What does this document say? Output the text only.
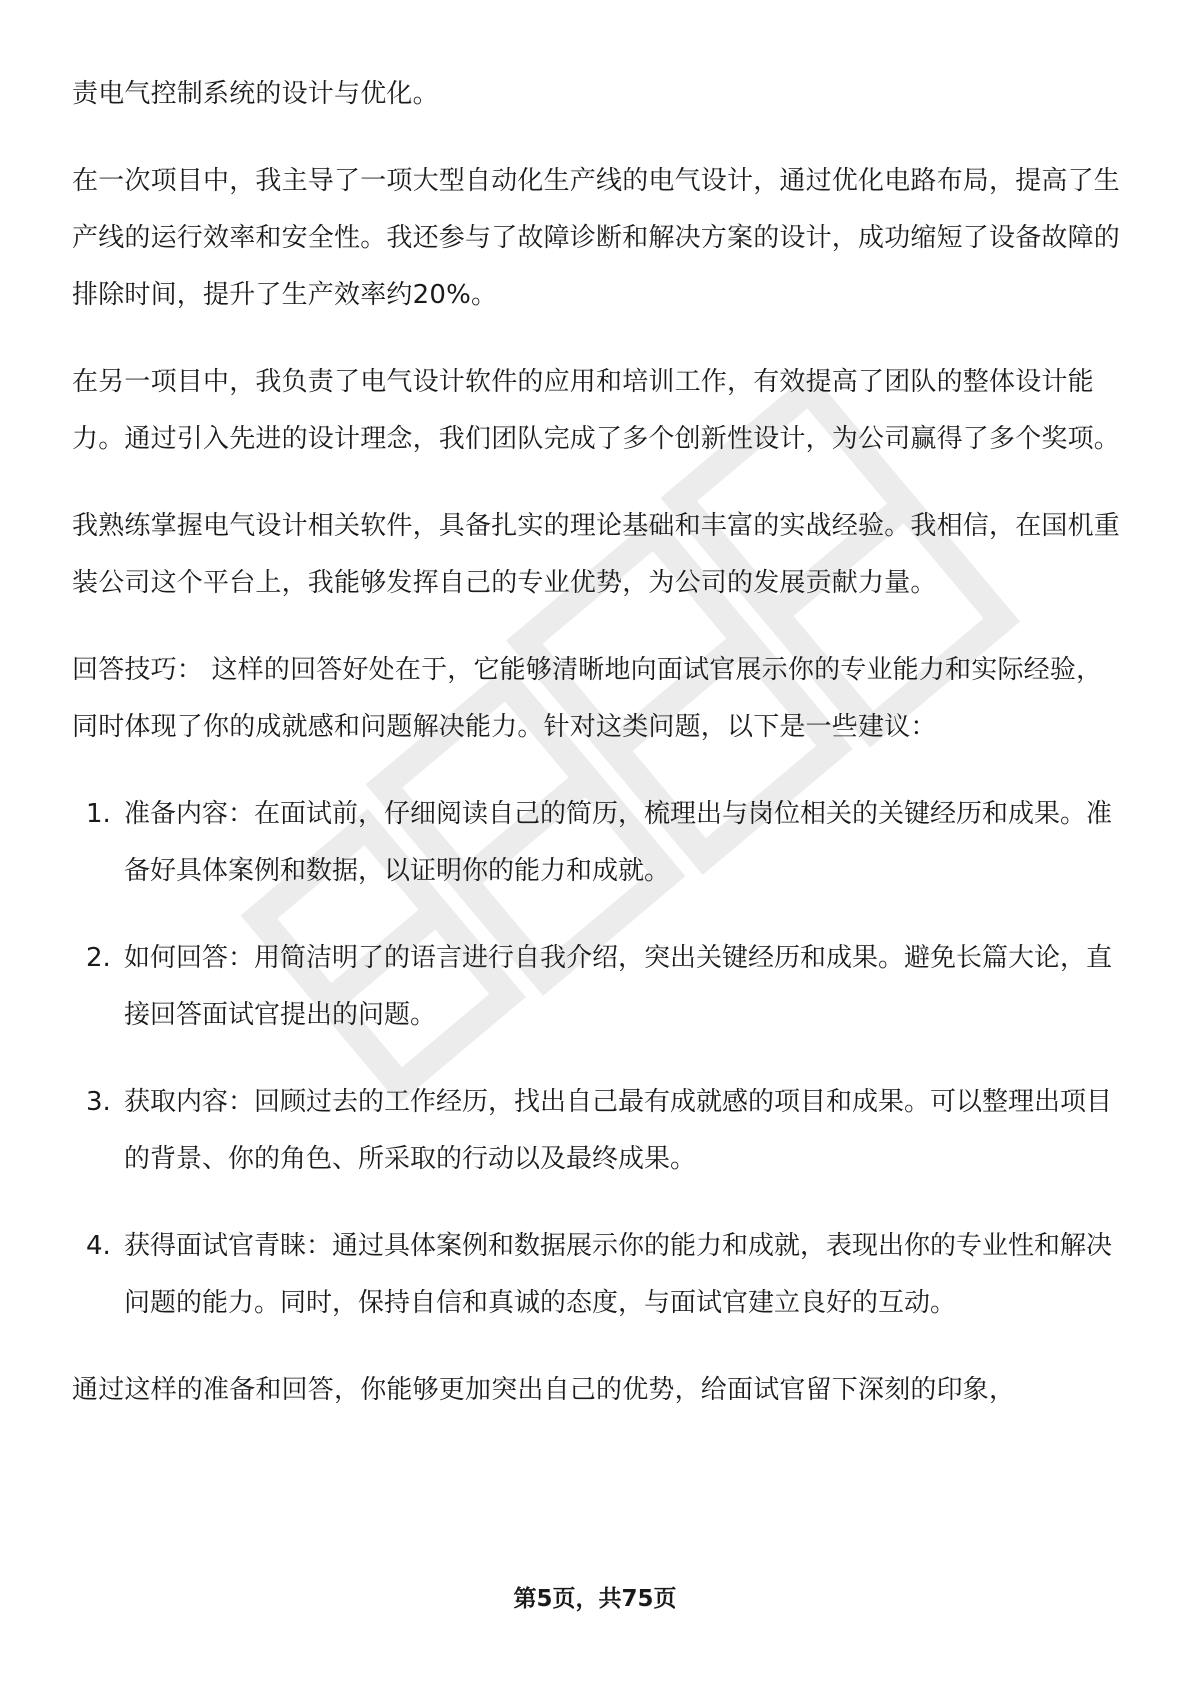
责电气控制系统的设计与优化。

在一次项目中，我主导了一项大型自动化生产线的电气设计，通过优化电路布局，提高了生产线的运行效率和安全性。我还参与了故障诊断和解决方案的设计，成功缩短了设备故障的排除时间，提升了生产效率约20%。

在另一项目中，我负责了电气设计软件的应用和培训工作，有效提高了团队的整体设计能力。通过引入先进的设计理念，我们团队完成了多个创新性设计，为公司赢得了多个奖项。

我熟练掌握电气设计相关软件，具备扎实的理论基础和丰富的实战经验。我相信，在国机重装公司这个平台上，我能够发挥自己的专业优势，为公司的发展贡献力量。

回答技巧： 这样的回答好处在于，它能够清晰地向面试官展示你的专业能力和实际经验，同时体现了你的成就感和问题解决能力。针对这类问题，以下是一些建议：

1. 准备内容：在面试前，仔细阅读自己的简历，梳理出与岗位相关的关键经历和成果。准备好具体案例和数据，以证明你的能力和成就。
2. 如何回答：用简洁明了的语言进行自我介绍，突出关键经历和成果。避免长篇大论，直接回答面试官提出的问题。
3. 获取内容：回顾过去的工作经历，找出自己最有成就感的项目和成果。可以整理出项目的背景、你的角色、所采取的行动以及最终成果。
4. 获得面试官青睐：通过具体案例和数据展示你的能力和成就，表现出你的专业性和解决问题的能力。同时，保持自信和真诚的态度，与面试官建立良好的互动。

通过这样的准备和回答，你能够更加突出自己的优势，给面试官留下深刻的印象，

第5页，共75页
